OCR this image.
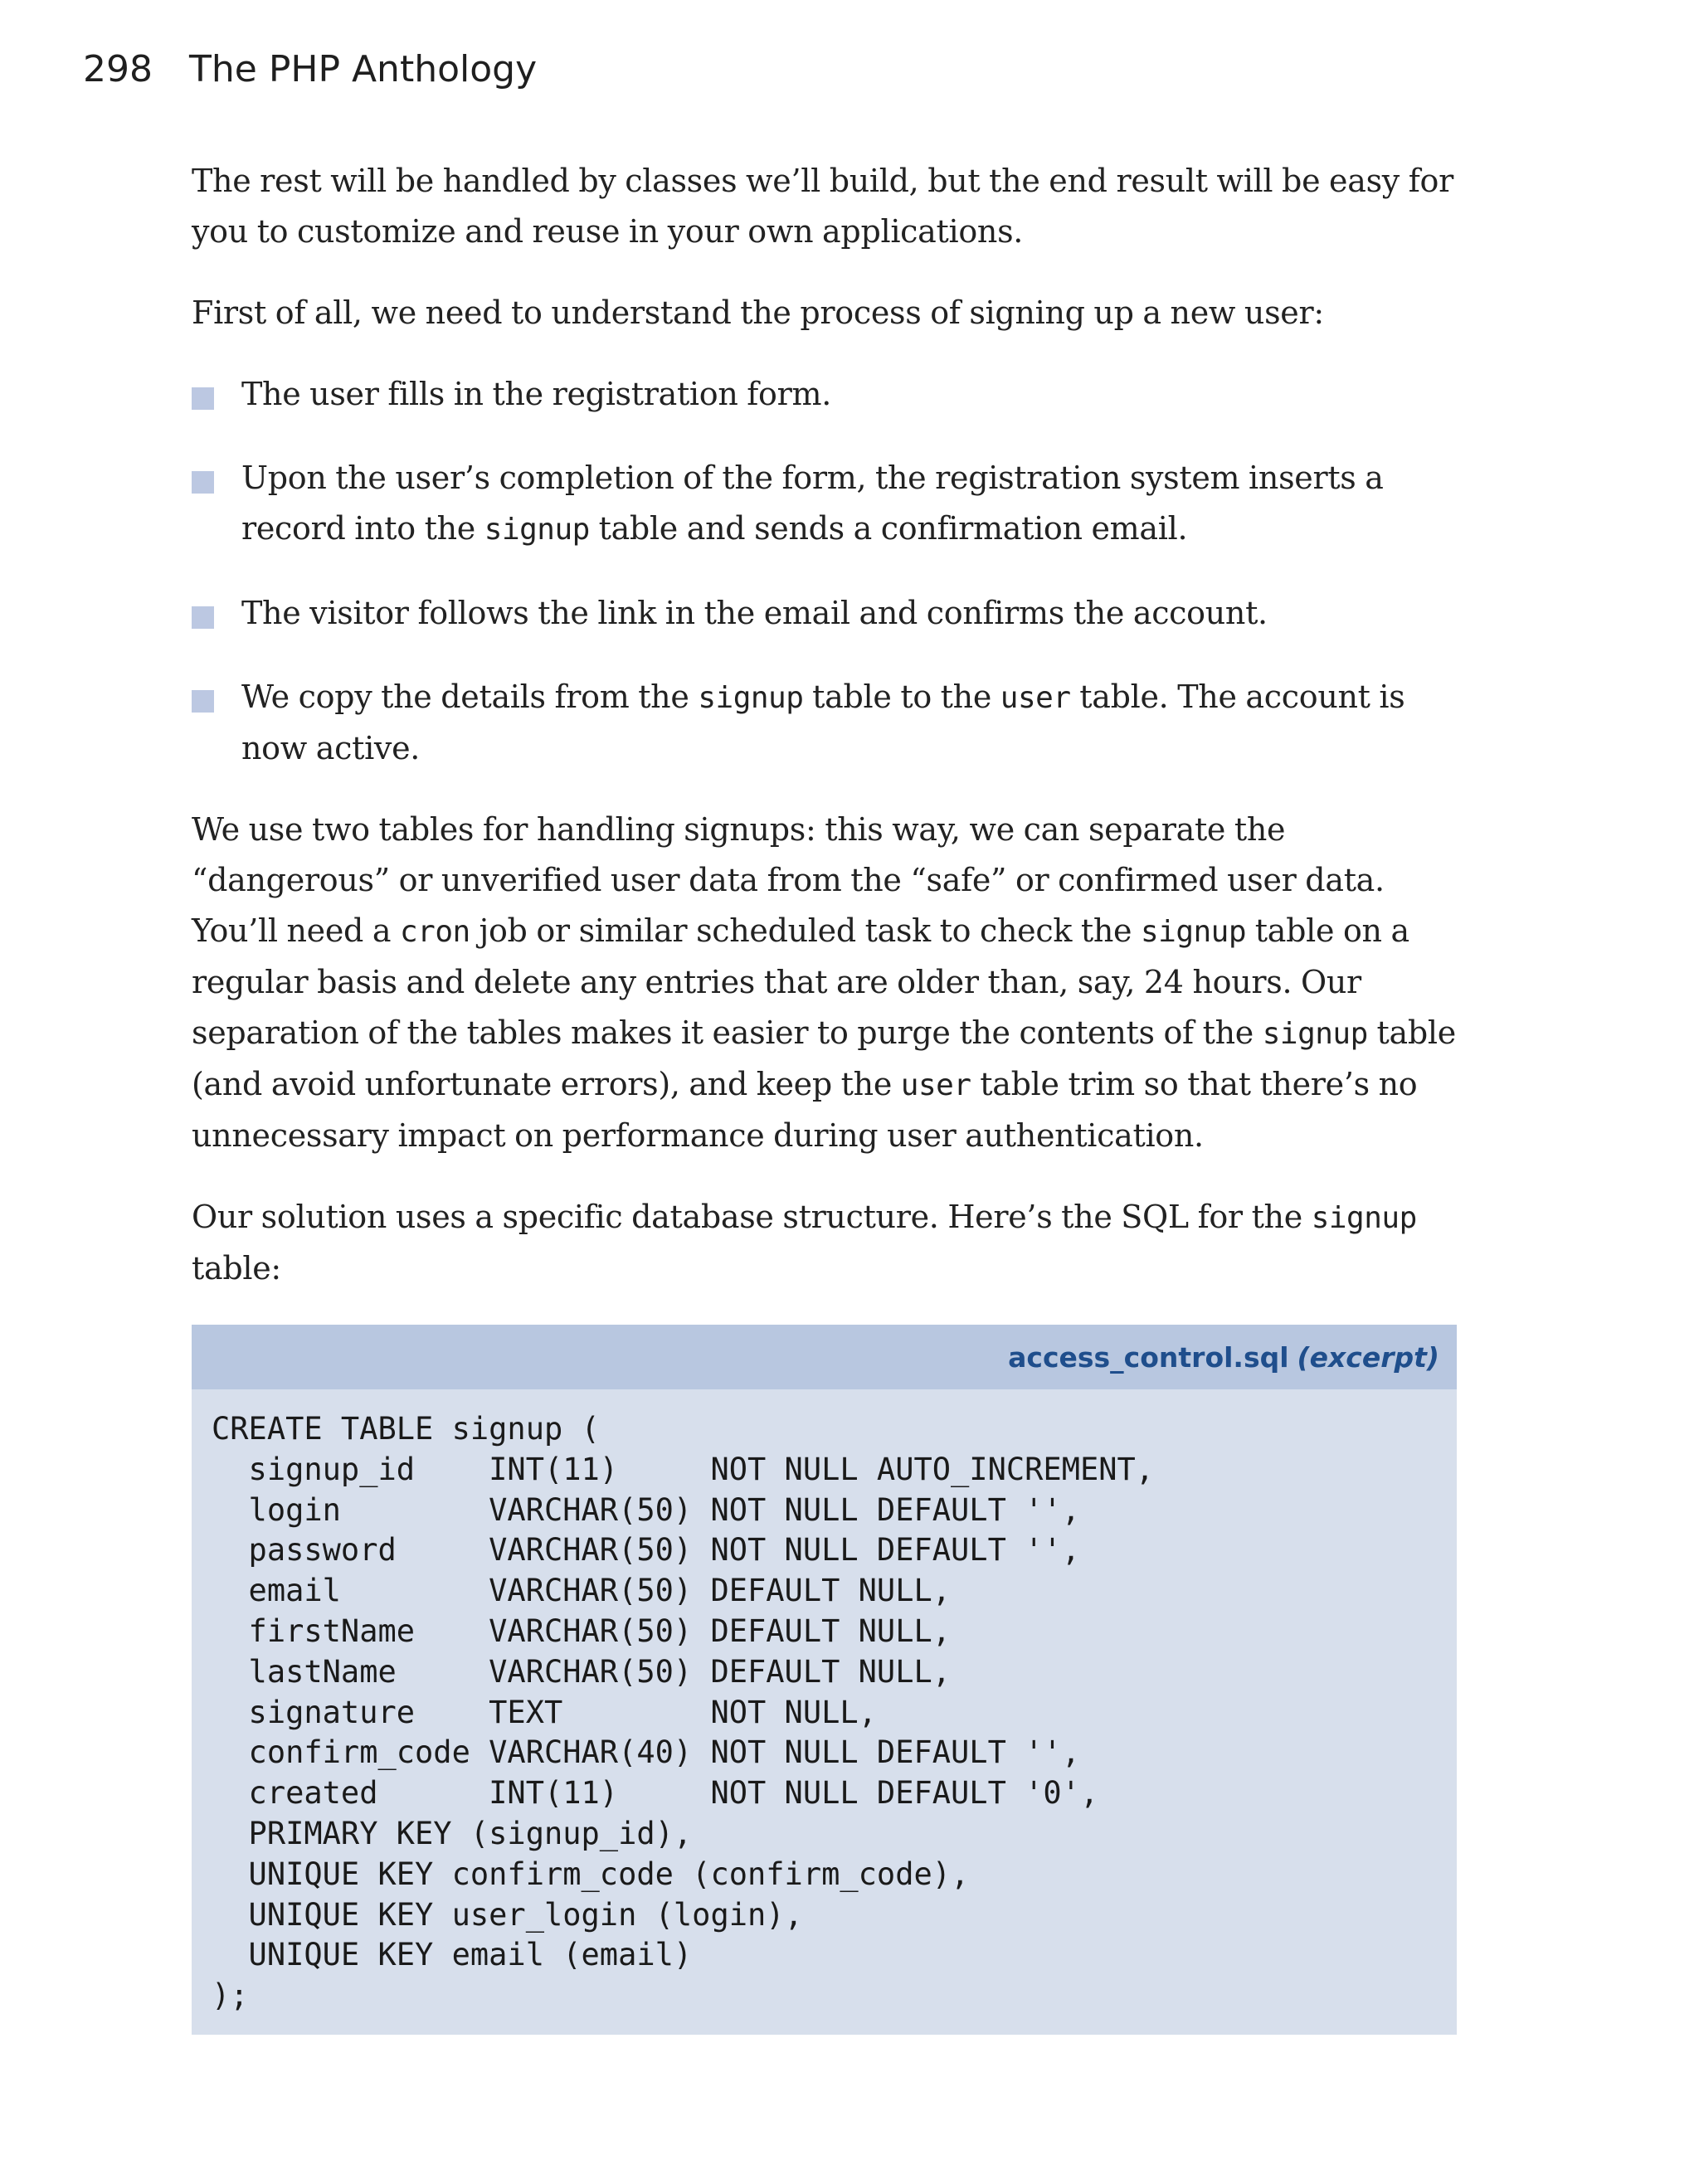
298 The PHP Anthology

The rest will be handled by classes we’ll build, but the end result will be easy for you to customize and reuse in your own applications.

First of all, we need to understand the process of signing up a new user:

The user fills in the registration form.
Upon the user’s completion of the form, the registration system inserts a record into the signup table and sends a confirmation email.
The visitor follows the link in the email and confirms the account.
We copy the details from the signup table to the user table. The account is now active.

We use two tables for handling signups: this way, we can separate the “dangerous” or unverified user data from the “safe” or confirmed user data. You’ll need a cron job or similar scheduled task to check the signup table on a regular basis and delete any entries that are older than, say, 24 hours. Our separation of the tables makes it easier to purge the contents of the signup table (and avoid unfortunate errors), and keep the user table trim so that there’s no unnecessary impact on performance during user authentication.

Our solution uses a specific database structure. Here’s the SQL for the signup table:

access_control.sql (excerpt)
CREATE TABLE signup (
signup_id    INT(11)     NOT NULL AUTO_INCREMENT,
login        VARCHAR(50) NOT NULL DEFAULT '',
password     VARCHAR(50) NOT NULL DEFAULT '',
email        VARCHAR(50) DEFAULT NULL,
firstName    VARCHAR(50) DEFAULT NULL,
lastName     VARCHAR(50) DEFAULT NULL,
signature    TEXT        NOT NULL,
confirm_code VARCHAR(40) NOT NULL DEFAULT '',
created      INT(11)     NOT NULL DEFAULT '0',
PRIMARY KEY (signup_id),
UNIQUE KEY confirm_code (confirm_code),
UNIQUE KEY user_login (login),
UNIQUE KEY email (email)
);
